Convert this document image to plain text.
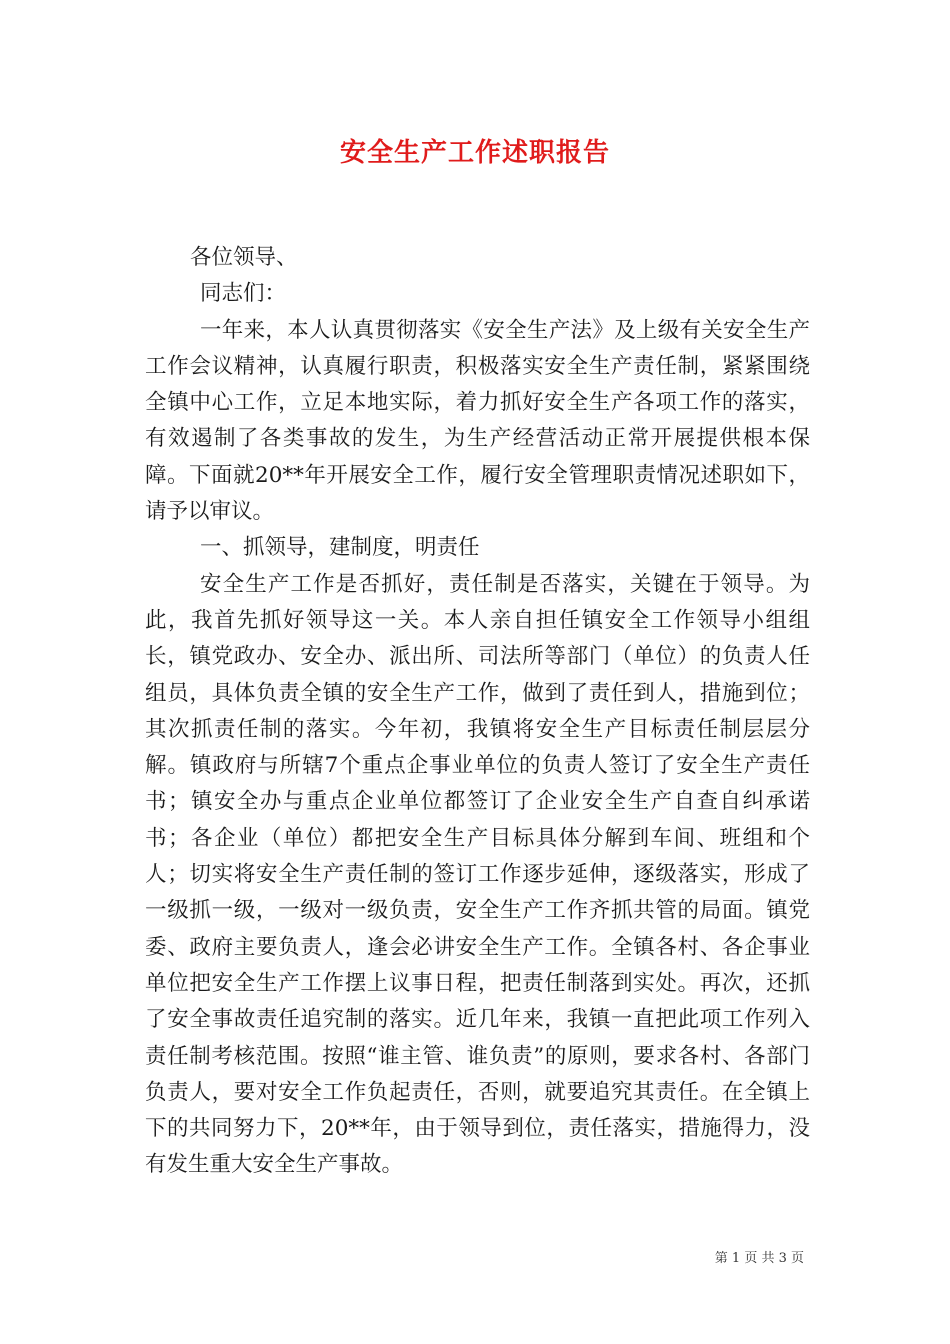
安全生产工作述职报告

各位领导、

同志们：

一年来，本人认真贯彻落实《安全生产法》及上级有关安全生产工作会议精神，认真履行职责，积极落实安全生产责任制，紧紧围绕全镇中心工作，立足本地实际，着力抓好安全生产各项工作的落实，有效遏制了各类事故的发生，为生产经营活动正常开展提供根本保障。下面就20**年开展安全工作，履行安全管理职责情况述职如下，请予以审议。

一、抓领导，建制度，明责任

安全生产工作是否抓好，责任制是否落实，关键在于领导。为此，我首先抓好领导这一关。本人亲自担任镇安全工作领导小组组长，镇党政办、安全办、派出所、司法所等部门（单位）的负责人任组员，具体负责全镇的安全生产工作，做到了责任到人，措施到位；其次抓责任制的落实。今年初，我镇将安全生产目标责任制层层分解。镇政府与所辖7个重点企事业单位的负责人签订了安全生产责任书；镇安全办与重点企业单位都签订了企业安全生产自查自纠承诺书；各企业（单位）都把安全生产目标具体分解到车间、班组和个人；切实将安全生产责任制的签订工作逐步延伸，逐级落实，形成了一级抓一级，一级对一级负责，安全生产工作齐抓共管的局面。镇党委、政府主要负责人，逢会必讲安全生产工作。全镇各村、各企事业单位把安全生产工作摆上议事日程，把责任制落到实处。再次，还抓了安全事故责任追究制的落实。近几年来，我镇一直把此项工作列入责任制考核范围。按照“谁主管、谁负责”的原则，要求各村、各部门负责人，要对安全工作负起责任，否则，就要追究其责任。在全镇上下的共同努力下，20**年，由于领导到位，责任落实，措施得力，没有发生重大安全生产事故。

第 1 页 共 3 页
